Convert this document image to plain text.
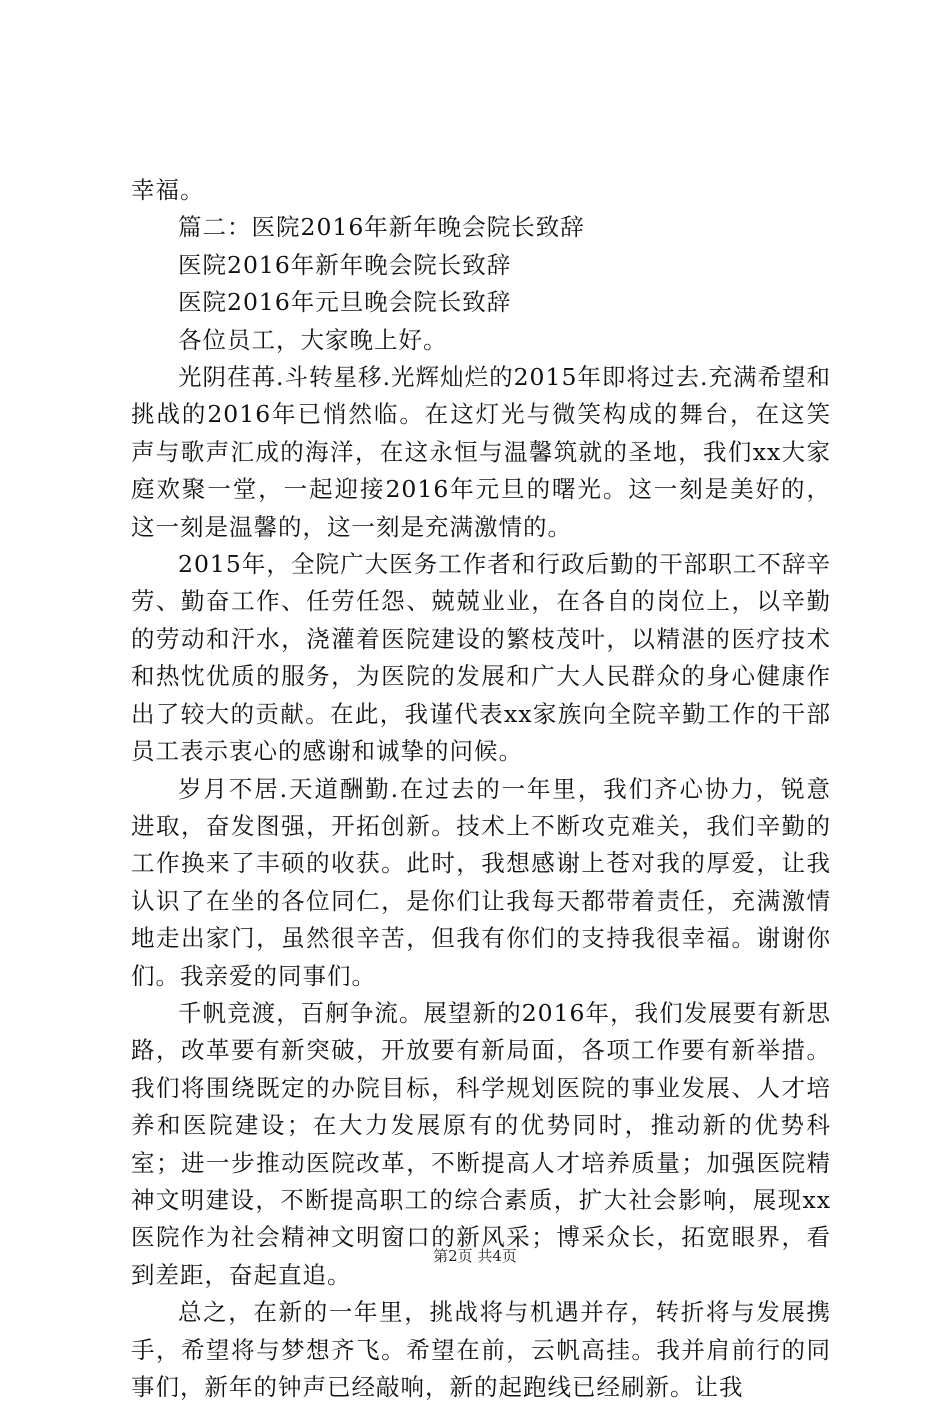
幸福。

篇二：医院2016年新年晚会院长致辞

医院2016年新年晚会院长致辞

医院2016年元旦晚会院长致辞

各位员工，大家晚上好。

光阴荏苒.斗转星移.光辉灿烂的2015年即将过去.充满希望和挑战的2016年已悄然临。在这灯光与微笑构成的舞台，在这笑声与歌声汇成的海洋，在这永恒与温馨筑就的圣地，我们xx大家庭欢聚一堂，一起迎接2016年元旦的曙光。这一刻是美好的，这一刻是温馨的，这一刻是充满激情的。

2015年，全院广大医务工作者和行政后勤的干部职工不辞辛劳、勤奋工作、任劳任怨、兢兢业业，在各自的岗位上，以辛勤的劳动和汗水，浇灌着医院建设的繁枝茂叶，以精湛的医疗技术和热忱优质的服务，为医院的发展和广大人民群众的身心健康作出了较大的贡献。在此，我谨代表xx家族向全院辛勤工作的干部员工表示衷心的感谢和诚挚的问候。

岁月不居.天道酬勤.在过去的一年里，我们齐心协力，锐意进取，奋发图强，开拓创新。技术上不断攻克难关，我们辛勤的工作换来了丰硕的收获。此时，我想感谢上苍对我的厚爱，让我认识了在坐的各位同仁，是你们让我每天都带着责任，充满激情地走出家门，虽然很辛苦，但我有你们的支持我很幸福。谢谢你们。我亲爱的同事们。

千帆竞渡，百舸争流。展望新的2016年，我们发展要有新思路，改革要有新突破，开放要有新局面，各项工作要有新举措。我们将围绕既定的办院目标，科学规划医院的事业发展、人才培养和医院建设；在大力发展原有的优势同时，推动新的优势科室；进一步推动医院改革，不断提高人才培养质量；加强医院精神文明建设，不断提高职工的综合素质，扩大社会影响，展现xx医院作为社会精神文明窗口的新风采；博采众长，拓宽眼界，看到差距，奋起直追。

总之，在新的一年里，挑战将与机遇并存，转折将与发展携手，希望将与梦想齐飞。希望在前，云帆高挂。我并肩前行的同事们，新年的钟声已经敲响，新的起跑线已经刷新。让我

第2页 共4页
